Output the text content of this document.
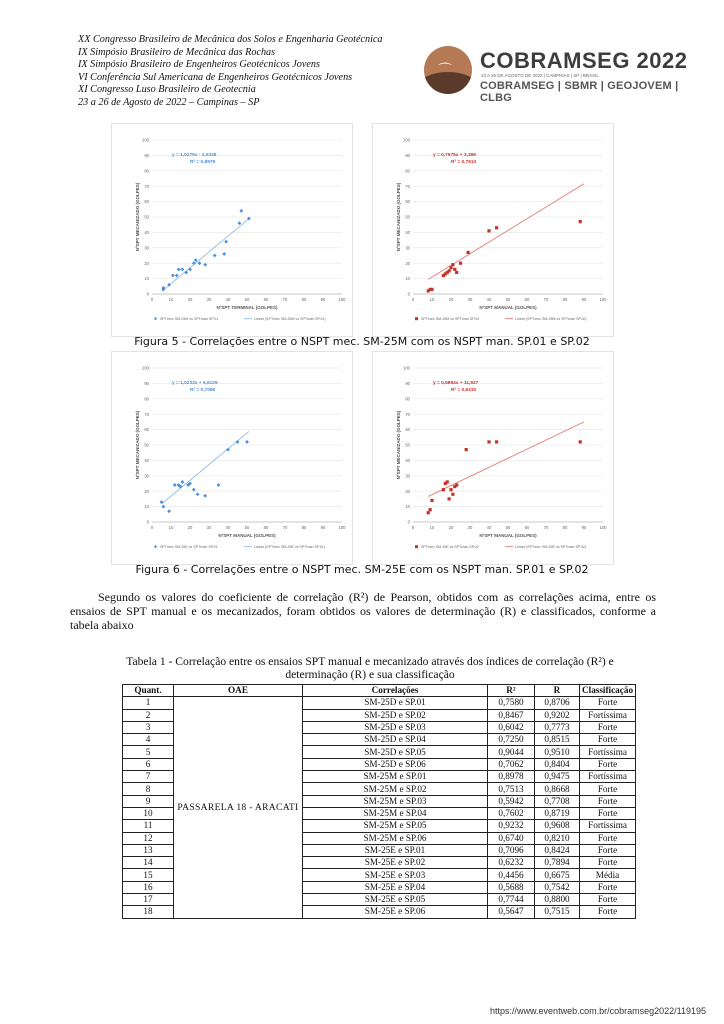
XX Congresso Brasileiro de Mecânica dos Solos e Engenharia Geotécnica
IX Simpósio Brasileiro de Mecânica das Rochas
IX Simpósio Brasileiro de Engenheiros Geotécnicos Jovens
VI Conferência Sul Americana de Engenheiros Geotécnicos Jovens
XI Congresso Luso Brasileiro de Geotecnia
23 a 26 de Agosto de 2022 – Campinas – SP
⌒ COBRAMSEG 2022
23 A 26 DE AGOSTO DE 2022 | CAMPINAS | SP | BRASIL
COBRAMSEG | SBMR | GEOJOVEM | CLBG
0
10
20
30
40
50
60
70
80
90
100
0	10	20	30	40	50	60	70	80	90	100
NºSPT TERMINAL (GOLPES)
NºSPT MECANIZADO (GOLPES)
y = 1,0279x - 3,5348
R² = 0,8978
SPTmec SM-25M vs SPTman SP.01	Linear (SPTmec SM-25M vs SPTman SP.01)
0
10
20
30
40
50
60
70
80
90
100
0	10	20	30	40	50	60	70	80	90	100
NºSPT MANUAL (GOLPES)
NºSPT MECANIZADO (GOLPES)
y = 0,7575x + 3,399
R² = 0,7513
SPTmec SM-25M vs SPTman SP.02	Linear (SPTmec SM-25M vs SPTman SP.02)
Figura 5 - Correlações entre o NSPT mec. SM-25M com os NSPT man. SP.01 e SP.02
0
10
20
30
40
50
60
70
80
90
100
0	10	20	30	40	50	60	70	80	90	100
NºSPT MANUAL (GOLPES)
NºSPT MECANIZADO (GOLPES)
y = 1,0233x + 6,6129
R² = 0,7096
SPTmec SM-25E vs SPTman SP.01	Linear (SPTmec SM-25E vs SPTman SP.01)
0
10
20
30
40
50
60
70
80
90
100
0	10	20	30	40	50	60	70	80	90	100
NºSPT MANUAL (GOLPES)
NºSPT MECANIZADO (GOLPES)
y = 0,5894x + 11,927
R² = 0,6232
SPTmec SM-25E vs SPTman SP.02	Linear (SPTmec SM-25E vs SPTman SP.02)
Figura 6 - Correlações entre o NSPT mec. SM-25E com os NSPT man. SP.01 e SP.02

Segundo os valores do coeficiente de correlação (R²) de Pearson, obtidos com as correlações acima, entre os ensaios de SPT manual e os mecanizados, foram obtidos os valores de determinação (R) e classificados, conforme a tabela abaixo

Tabela 1 - Correlação entre os ensaios SPT manual e mecanizado através dos índices de correlação (R²) e determinação (R) e sua classificação
Quant.	OAE	Correlações	R²	R	Classificação
1	PASSARELA 18 - ARACATI	SM-25D e SP.01	0,7580	0,8706	Forte
2		SM-25D e SP.02	0,8467	0,9202	Fortíssima
3		SM-25D e SP.03	0,6042	0,7773	Forte
4		SM-25D e SP.04	0,7250	0,8515	Forte
5		SM-25D e SP.05	0,9044	0,9510	Fortíssima
6		SM-25D e SP.06	0,7062	0,8404	Forte
7		SM-25M e SP.01	0,8978	0,9475	Fortíssima
8		SM-25M e SP.02	0,7513	0,8668	Forte
9		SM-25M e SP.03	0,5942	0,7708	Forte
10		SM-25M e SP.04	0,7602	0,8719	Forte
11		SM-25M e SP.05	0,9232	0,9608	Fortíssima
12		SM-25M e SP.06	0,6740	0,8210	Forte
13		SM-25E e SP.01	0,7096	0,8424	Forte
14		SM-25E e SP.02	0,6232	0,7894	Forte
15		SM-25E e SP.03	0,4456	0,6675	Média
16		SM-25E e SP.04	0,5688	0,7542	Forte
17		SM-25E e SP.05	0,7744	0,8800	Forte
18		SM-25E e SP.06	0,5647	0,7515	Forte
https://www.eventweb.com.br/cobramseg2022/119195
